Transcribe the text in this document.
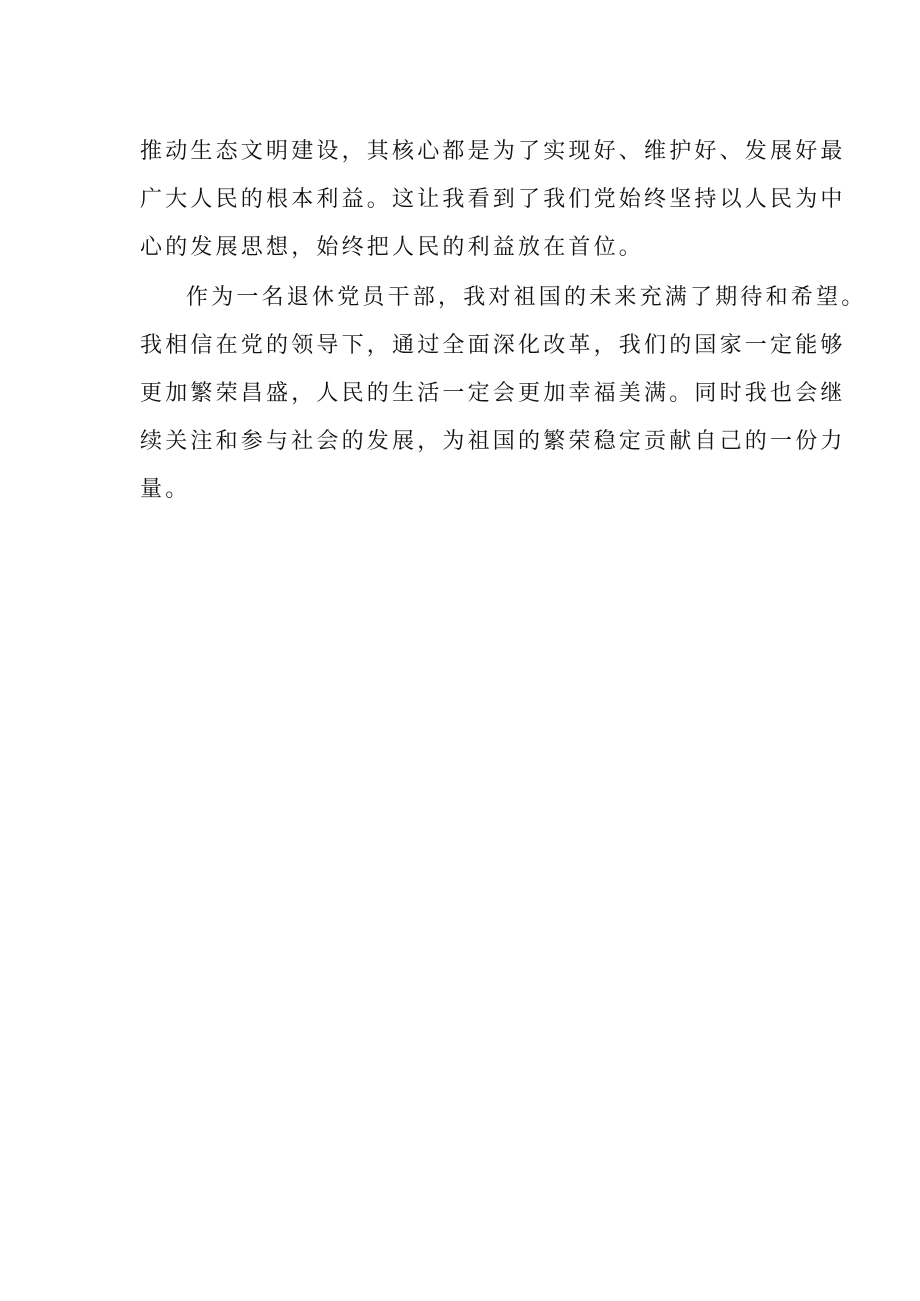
推动生态文明建设，其核心都是为了实现好、维护好、发展好最

广大人民的根本利益。这让我看到了我们党始终坚持以人民为中

心的发展思想，始终把人民的利益放在首位。

作为一名退休党员干部，我对祖国的未来充满了期待和希望。

我相信在党的领导下，通过全面深化改革，我们的国家一定能够

更加繁荣昌盛，人民的生活一定会更加幸福美满。同时我也会继

续关注和参与社会的发展，为祖国的繁荣稳定贡献自己的一份力

量。
